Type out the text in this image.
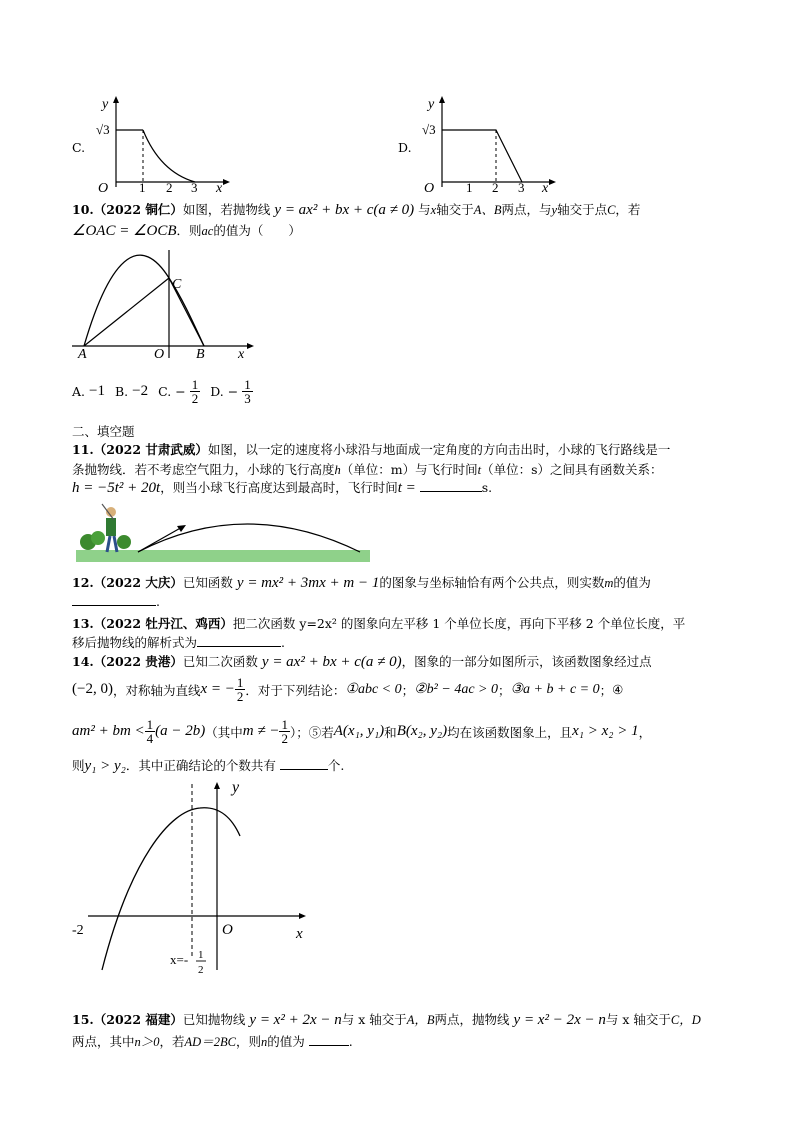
C.
√3
O 1 2 3 x
y
D.
√3
O 1 2 3 x
y
10.（2022 铜仁）如图，若抛物线 y = ax² + bx + c(a ≠ 0) 与x轴交于A、B两点，与y轴交于点C，若
∠OAC = ∠OCB．则ac的值为（　　）
A	O B
C
x
A. −1 B. −2 C. − $\frac{1}{2} D$. − $\frac{1}{3}$
二、填空题
11.（2022 甘肃武威）如图，以一定的速度将小球沿与地面成一定角度的方向击出时，小球的飞行路线是一
条抛物线．若不考虑空气阻力，小球的飞行高度h（单位：m）与飞行时间t（单位：s）之间具有函数关系：
h = −5t² + 20t，则当小球飞行高度达到最高时，飞行时间t =	s.
12.（2022 大庆）已知函数 y = mx² + 3mx + m − 1的图象与坐标轴恰有两个公共点，则实数m的值为
.
13.（2022 牡丹江、鸡西）把二次函数 y=2x² 的图象向左平移 1 个单位长度，再向下平移 2 个单位长度，平
移后抛物线的解析式为	.
14.（2022 贵港）已知二次函数 y = ax² + bx + c(a ≠ 0)，图象的一部分如图所示，该函数图象经过点
(−2, 0) ，对称轴为直线 x = − $\frac{1}{2}$ ．对于下列结论： ①abc < 0 ； ②b² − 4ac > 0 ； ③a + b + c = 0 ； ④
am² + bm < $\frac{1}{4} (a - 2b)$ （其中 m ≠ − $\frac{1}{2}$ ）； ⑤若 A(x₁, y₁) 和 B(x₂, y₂) 均在该函数图象上，且 x₁ > x₂ > 1 ，
则y₁ > y₂．其中正确结论的个数共有	个.
y
-2	O	x
x=- 1
2
15.（2022 福建）已知抛物线 y = x² + 2x − n与 x 轴交于A，B两点，抛物线 y = x² − 2x − n与 x 轴交于C，D
两点，其中n＞0，若AD＝2BC，则n的值为	.
